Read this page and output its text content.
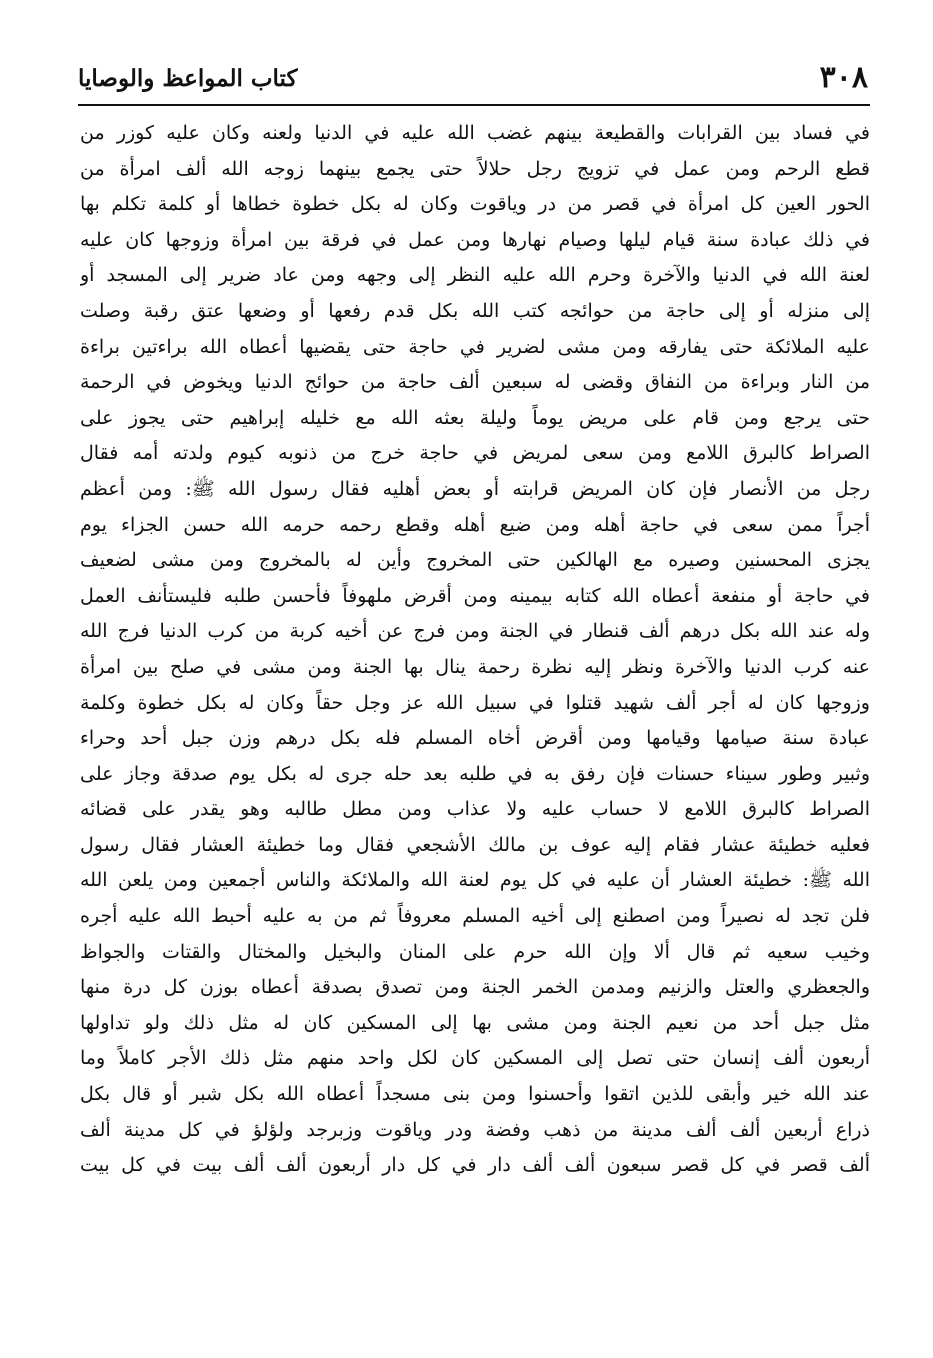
٣٠٨
كتاب المواعظ والوصايا
في فساد بين القرابات والقطيعة بينهم غضب الله عليه في الدنيا ولعنه وكان عليه كوزر من
قطع الرحم ومن عمل في تزويج رجل حلالاً حتى يجمع بينهما زوجه الله ألف امرأة من
الحور العين كل امرأة في قصر من در وياقوت وكان له بكل خطوة خطاها أو كلمة تكلم بها
في ذلك عبادة سنة قيام ليلها وصيام نهارها ومن عمل في فرقة بين امرأة وزوجها كان عليه
لعنة الله في الدنيا والآخرة وحرم الله عليه النظر إلى وجهه ومن عاد ضرير إلى المسجد أو
إلى منزله أو إلى حاجة من حوائجه كتب الله بكل قدم رفعها أو وضعها عتق رقبة وصلت
عليه الملائكة حتى يفارقه ومن مشى لضرير في حاجة حتى يقضيها أعطاه الله براءتين براءة
من النار وبراءة من النفاق وقضى له سبعين ألف حاجة من حوائج الدنيا ويخوض في الرحمة
حتى يرجع ومن قام على مريض يوماً وليلة بعثه الله مع خليله إبراهيم حتى يجوز على
الصراط كالبرق اللامع ومن سعى لمريض في حاجة خرج من ذنوبه كيوم ولدته أمه فقال
رجل من الأنصار فإن كان المريض قرابته أو بعض أهليه فقال رسول الله ﷺ: ومن أعظم
أجراً ممن سعى في حاجة أهله ومن ضيع أهله وقطع رحمه حرمه الله حسن الجزاء يوم
يجزى المحسنين وصيره مع الهالكين حتى المخروج وأين له بالمخروج ومن مشى لضعيف
في حاجة أو منفعة أعطاه الله كتابه بيمينه ومن أقرض ملهوفاً فأحسن طلبه فليستأنف العمل
وله عند الله بكل درهم ألف قنطار في الجنة ومن فرج عن أخيه كربة من كرب الدنيا فرج الله
عنه كرب الدنيا والآخرة ونظر إليه نظرة رحمة ينال بها الجنة ومن مشى في صلح بين امرأة
وزوجها كان له أجر ألف شهيد قتلوا في سبيل الله عز وجل حقاً وكان له بكل خطوة وكلمة
عبادة سنة صيامها وقيامها ومن أقرض أخاه المسلم فله بكل درهم وزن جبل أحد وحراء
وثبير وطور سيناء حسنات فإن رفق به في طلبه بعد حله جرى له بكل يوم صدقة وجاز على
الصراط كالبرق اللامع لا حساب عليه ولا عذاب ومن مطل طالبه وهو يقدر على قضائه
فعليه خطيئة عشار فقام إليه عوف بن مالك الأشجعي فقال وما خطيئة العشار فقال رسول
الله ﷺ: خطيئة العشار أن عليه في كل يوم لعنة الله والملائكة والناس أجمعين ومن يلعن الله
فلن تجد له نصيراً ومن اصطنع إلى أخيه المسلم معروفاً ثم من به عليه أحبط الله عليه أجره
وخيب سعيه ثم قال ألا وإن الله حرم على المنان والبخيل والمختال والقتات والجواظ
والجعظري والعتل والزنيم ومدمن الخمر الجنة ومن تصدق بصدقة أعطاه بوزن كل درة منها
مثل جبل أحد من نعيم الجنة ومن مشى بها إلى المسكين كان له مثل ذلك ولو تداولها
أربعون ألف إنسان حتى تصل إلى المسكين كان لكل واحد منهم مثل ذلك الأجر كاملاً وما
عند الله خير وأبقى للذين اتقوا وأحسنوا ومن بنى مسجداً أعطاه الله بكل شبر أو قال بكل
ذراع أربعين ألف ألف مدينة من ذهب وفضة ودر وياقوت وزبرجد ولؤلؤ في كل مدينة ألف
ألف قصر في كل قصر سبعون ألف ألف دار في كل دار أربعون ألف ألف بيت في كل بيت
